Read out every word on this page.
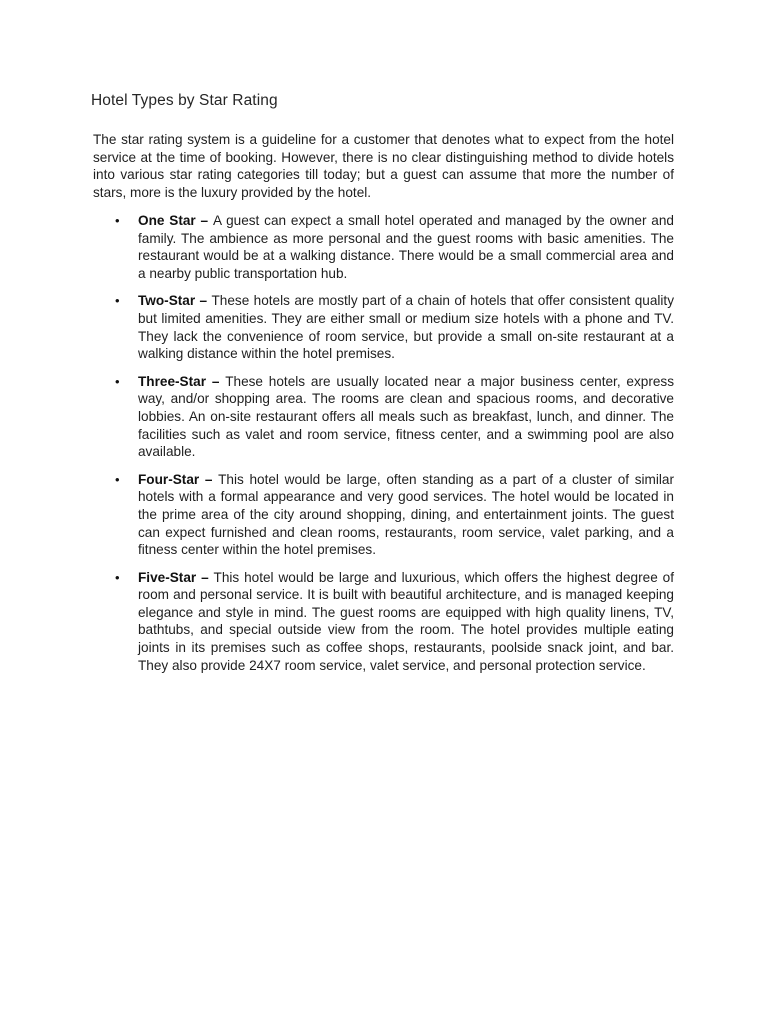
Hotel Types by Star Rating

The star rating system is a guideline for a customer that denotes what to expect from the hotel service at the time of booking. However, there is no clear distinguishing method to divide hotels into various star rating categories till today; but a guest can assume that more the number of stars, more is the luxury provided by the hotel.

• One Star – A guest can expect a small hotel operated and managed by the owner and family. The ambience as more personal and the guest rooms with basic amenities. The restaurant would be at a walking distance. There would be a small commercial area and a nearby public transportation hub.
• Two-Star – These hotels are mostly part of a chain of hotels that offer consistent quality but limited amenities. They are either small or medium size hotels with a phone and TV. They lack the convenience of room service, but provide a small on-site restaurant at a walking distance within the hotel premises.
• Three-Star – These hotels are usually located near a major business center, express way, and/or shopping area. The rooms are clean and spacious rooms, and decorative lobbies. An on-site restaurant offers all meals such as breakfast, lunch, and dinner. The facilities such as valet and room service, fitness center, and a swimming pool are also available.
• Four-Star – This hotel would be large, often standing as a part of a cluster of similar hotels with a formal appearance and very good services. The hotel would be located in the prime area of the city around shopping, dining, and entertainment joints. The guest can expect furnished and clean rooms, restaurants, room service, valet parking, and a fitness center within the hotel premises.
• Five-Star – This hotel would be large and luxurious, which offers the highest degree of room and personal service. It is built with beautiful architecture, and is managed keeping elegance and style in mind. The guest rooms are equipped with high quality linens, TV, bathtubs, and special outside view from the room. The hotel provides multiple eating joints in its premises such as coffee shops, restaurants, poolside snack joint, and bar. They also provide 24X7 room service, valet service, and personal protection service.
